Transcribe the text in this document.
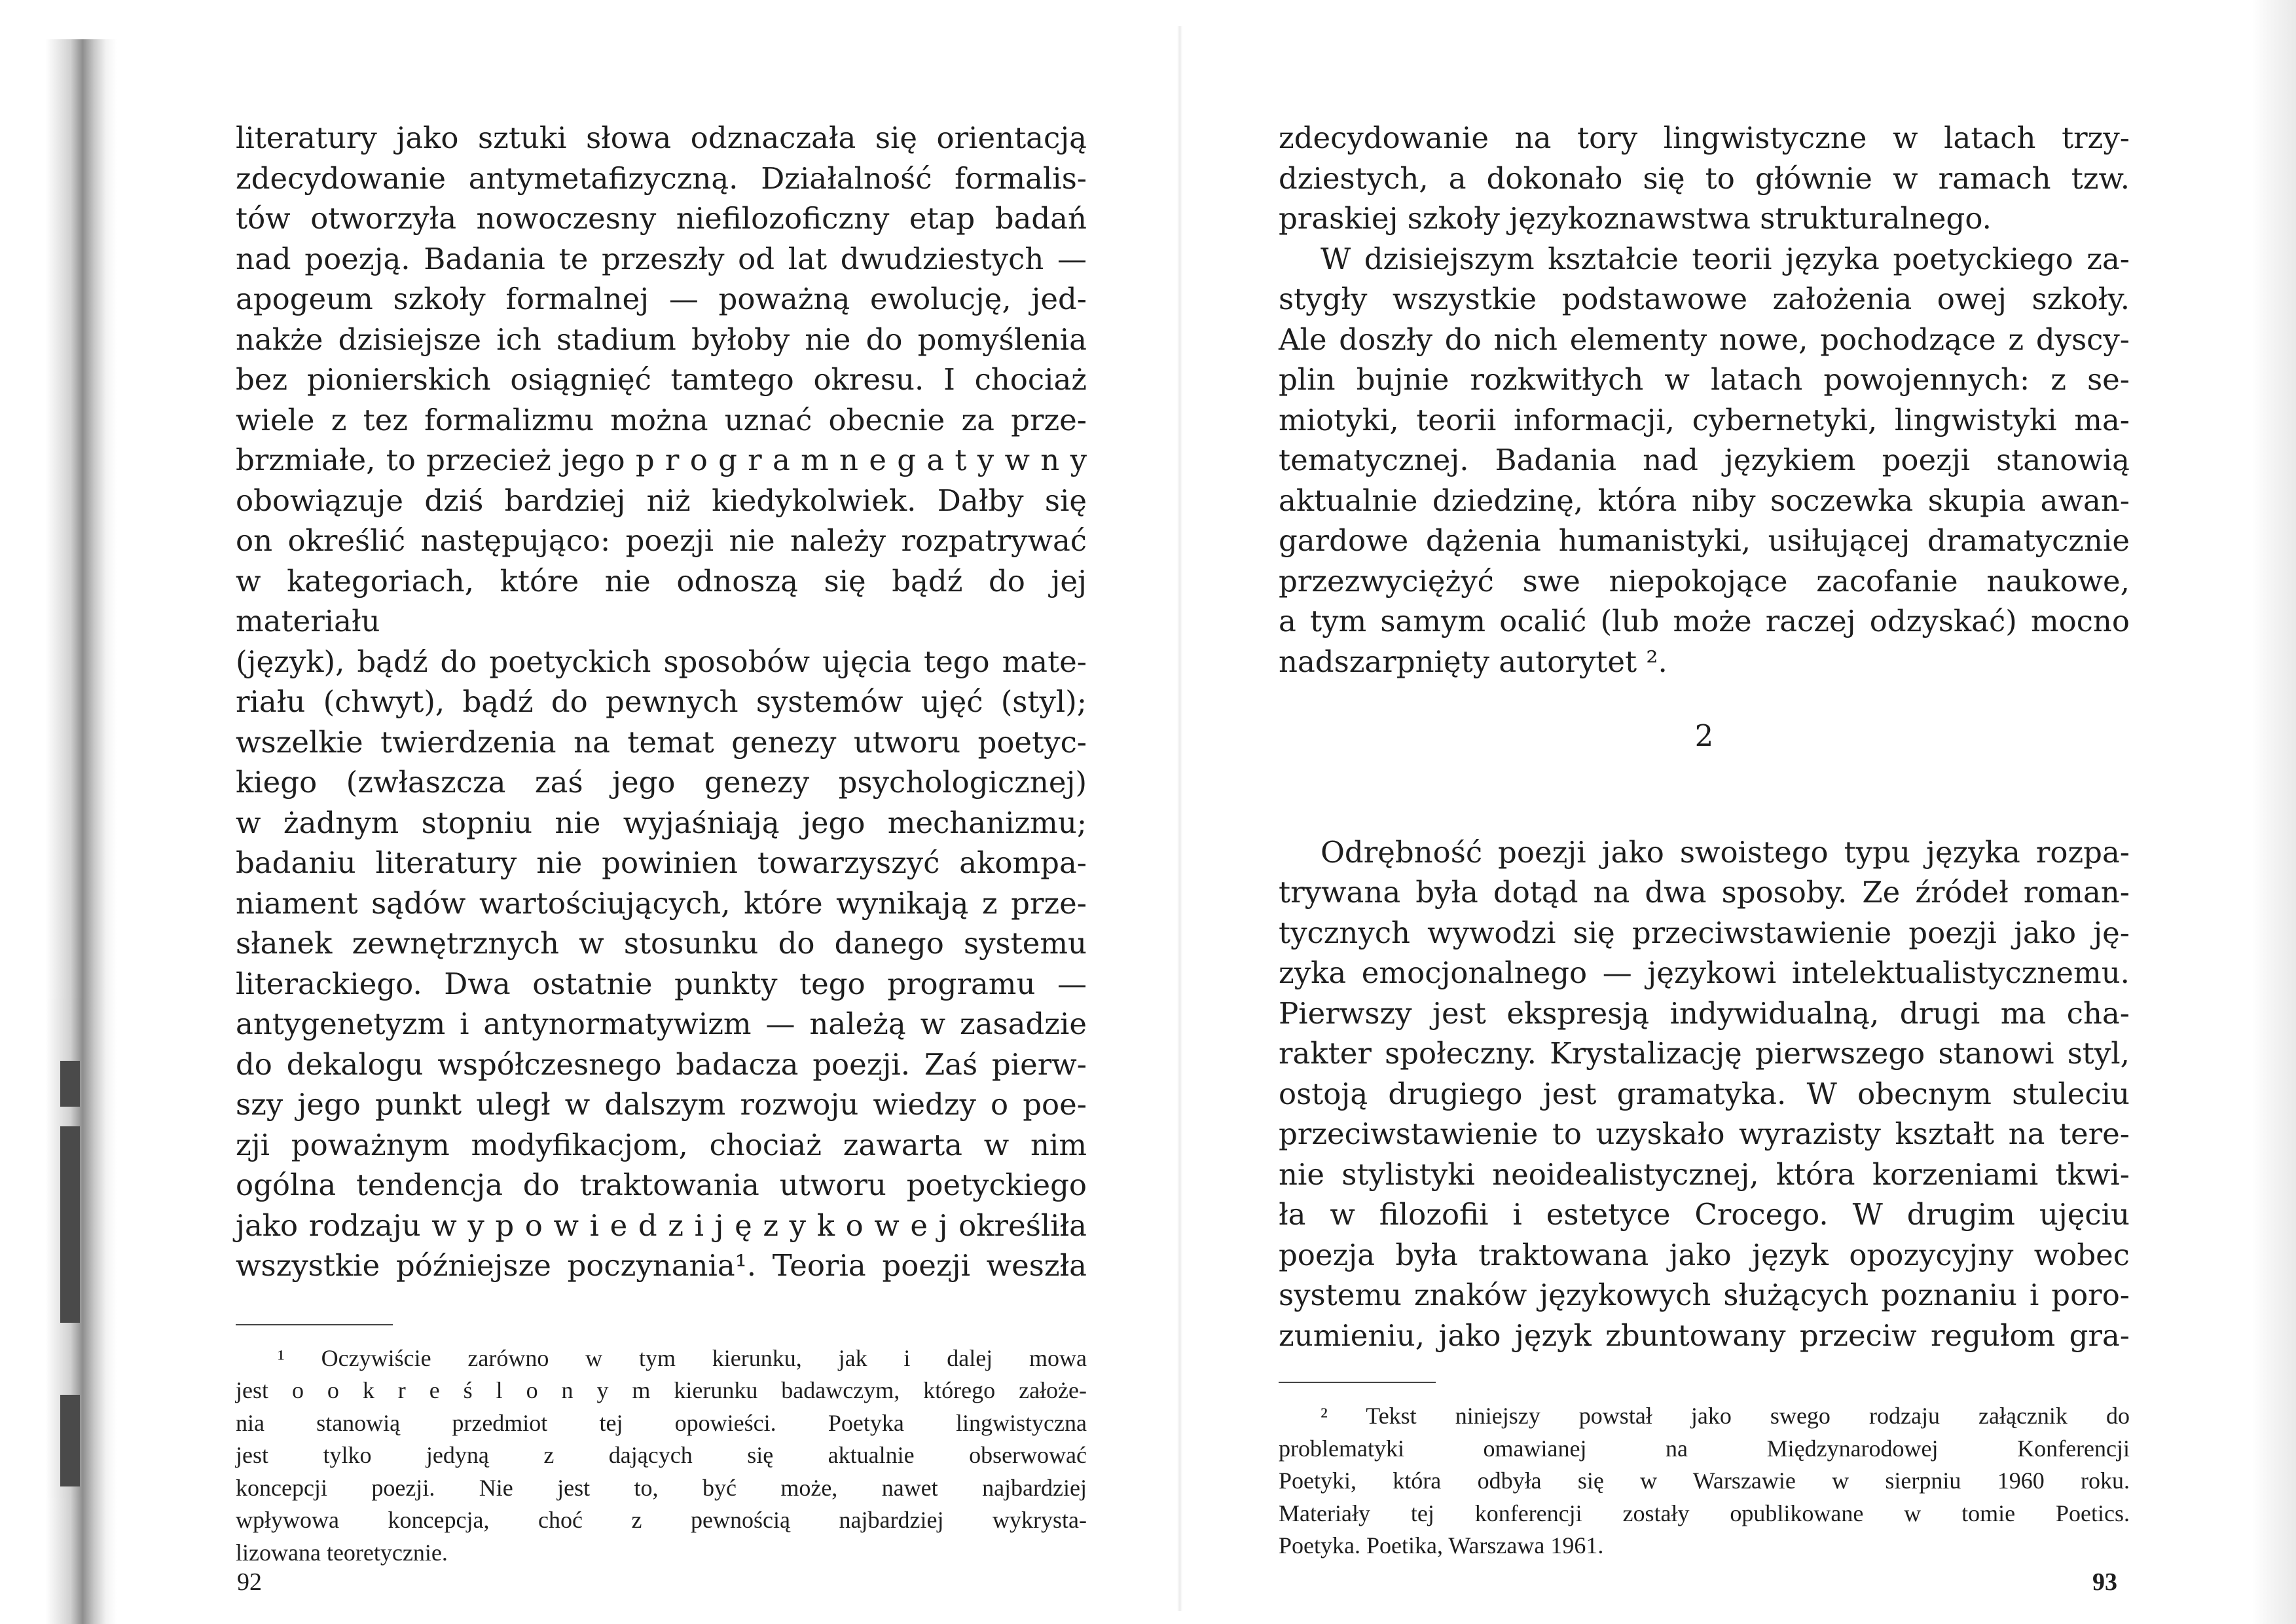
literatury jako sztuki słowa odznaczała się orientacją

zdecydowanie antymetafizyczną. Działalność formalis-

tów otworzyła nowoczesny niefilozoficzny etap badań

nad poezją. Badania te przeszły od lat dwudziestych —

apogeum szkoły formalnej — poważną ewolucję, jed-

nakże dzisiejsze ich stadium byłoby nie do pomyślenia

bez pionierskich osiągnięć tamtego okresu. I chociaż

wiele z tez formalizmu można uznać obecnie za prze-

brzmiałe, to przecież jego p r o g r a m n e g a t y w n y

obowiązuje dziś bardziej niż kiedykolwiek. Dałby się

on określić następująco: poezji nie należy rozpatrywać

w kategoriach, które nie odnoszą się bądź do jej materiału

(język), bądź do poetyckich sposobów ujęcia tego mate-

riału (chwyt), bądź do pewnych systemów ujęć (styl);

wszelkie twierdzenia na temat genezy utworu poetyc-

kiego (zwłaszcza zaś jego genezy psychologicznej)

w żadnym stopniu nie wyjaśniają jego mechanizmu;

badaniu literatury nie powinien towarzyszyć akompa-

niament sądów wartościujących, które wynikają z prze-

słanek zewnętrznych w stosunku do danego systemu

literackiego. Dwa ostatnie punkty tego programu —

antygenetyzm i antynormatywizm — należą w zasadzie

do dekalogu współczesnego badacza poezji. Zaś pierw-

szy jego punkt uległ w dalszym rozwoju wiedzy o poe-

zji poważnym modyfikacjom, chociaż zawarta w nim

ogólna tendencja do traktowania utworu poetyckiego

jako rodzaju w y p o w i e d z i j ę z y k o w e j określiła

wszystkie późniejsze poczynania¹. Teoria poezji weszła

¹ Oczywiście zarówno w tym kierunku, jak i dalej mowa

jest o o k r e ś l o n y m kierunku badawczym, którego założe-

nia stanowią przedmiot tej opowieści. Poetyka lingwistyczna

jest tylko jedyną z dających się aktualnie obserwować

koncepcji poezji. Nie jest to, być może, nawet najbardziej

wpływowa koncepcja, choć z pewnością najbardziej wykrysta-

lizowana teoretycznie.

92

zdecydowanie na tory lingwistyczne w latach trzy-

dziestych, a dokonało się to głównie w ramach tzw.

praskiej szkoły językoznawstwa strukturalnego.

W dzisiejszym kształcie teorii języka poetyckiego za-

stygły wszystkie podstawowe założenia owej szkoły.

Ale doszły do nich elementy nowe, pochodzące z dyscy-

plin bujnie rozkwitłych w latach powojennych: z se-

miotyki, teorii informacji, cybernetyki, lingwistyki ma-

tematycznej. Badania nad językiem poezji stanowią

aktualnie dziedzinę, która niby soczewka skupia awan-

gardowe dążenia humanistyki, usiłującej dramatycznie

przezwyciężyć swe niepokojące zacofanie naukowe,

a tym samym ocalić (lub może raczej odzyskać) mocno

nadszarpnięty autorytet ².

2

Odrębność poezji jako swoistego typu języka rozpa-

trywana była dotąd na dwa sposoby. Ze źródeł roman-

tycznych wywodzi się przeciwstawienie poezji jako ję-

zyka emocjonalnego — językowi intelektualistycznemu.

Pierwszy jest ekspresją indywidualną, drugi ma cha-

rakter społeczny. Krystalizację pierwszego stanowi styl,

ostoją drugiego jest gramatyka. W obecnym stuleciu

przeciwstawienie to uzyskało wyrazisty kształt na tere-

nie stylistyki neoidealistycznej, która korzeniami tkwi-

ła w filozofii i estetyce Crocego. W drugim ujęciu

poezja była traktowana jako język opozycyjny wobec

systemu znaków językowych służących poznaniu i poro-

zumieniu, jako język zbuntowany przeciw regułom gra-

² Tekst niniejszy powstał jako swego rodzaju załącznik do

problematyki omawianej na Międzynarodowej Konferencji

Poetyki, która odbyła się w Warszawie w sierpniu 1960 roku.

Materiały tej konferencji zostały opublikowane w tomie Poetics.

Poetyka. Poetika, Warszawa 1961.

93
